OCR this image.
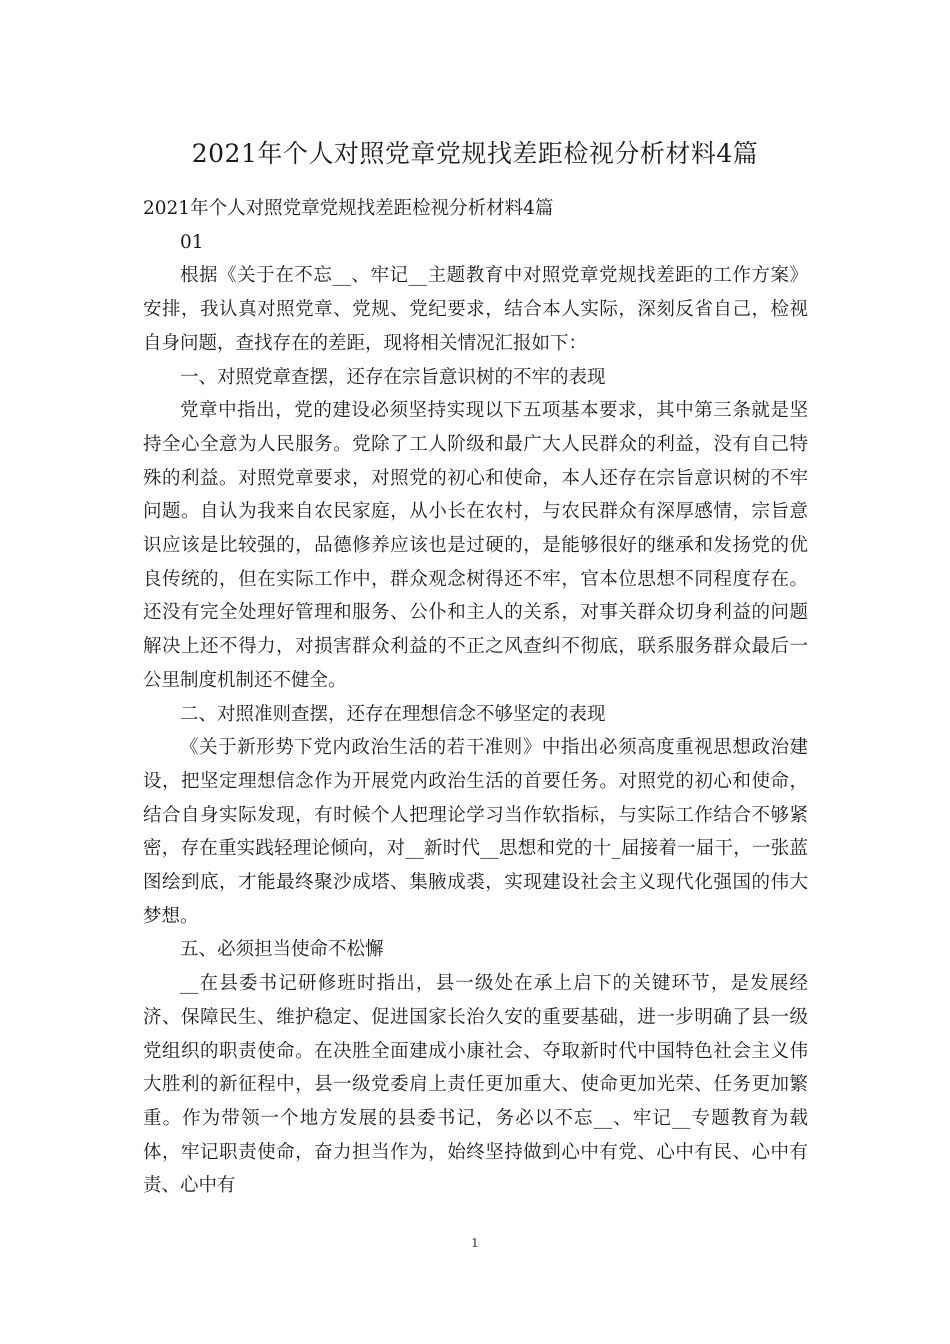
2021年个人对照党章党规找差距检视分析材料4篇

2021年个人对照党章党规找差距检视分析材料4篇

01

根据《关于在不忘__、牢记__主题教育中对照党章党规找差距的工作方案》安排，我认真对照党章、党规、党纪要求，结合本人实际，深刻反省自己，检视自身问题，查找存在的差距，现将相关情况汇报如下：

一、对照党章查摆，还存在宗旨意识树的不牢的表现

党章中指出，党的建设必须坚持实现以下五项基本要求，其中第三条就是坚持全心全意为人民服务。党除了工人阶级和最广大人民群众的利益，没有自己特殊的利益。对照党章要求，对照党的初心和使命，本人还存在宗旨意识树的不牢问题。自认为我来自农民家庭，从小长在农村，与农民群众有深厚感情，宗旨意识应该是比较强的，品德修养应该也是过硬的，是能够很好的继承和发扬党的优良传统的，但在实际工作中，群众观念树得还不牢，官本位思想不同程度存在。还没有完全处理好管理和服务、公仆和主人的关系，对事关群众切身利益的问题解决上还不得力，对损害群众利益的不正之风查纠不彻底，联系服务群众最后一公里制度机制还不健全。

二、对照准则查摆，还存在理想信念不够坚定的表现

《关于新形势下党内政治生活的若干准则》中指出必须高度重视思想政治建设，把坚定理想信念作为开展党内政治生活的首要任务。对照党的初心和使命，结合自身实际发现，有时候个人把理论学习当作软指标，与实际工作结合不够紧密，存在重实践轻理论倾向，对__新时代__思想和党的十_届接着一届干，一张蓝图绘到底，才能最终聚沙成塔、集腋成裘，实现建设社会主义现代化强国的伟大梦想。

五、必须担当使命不松懈

__在县委书记研修班时指出，县一级处在承上启下的关键环节，是发展经济、保障民生、维护稳定、促进国家长治久安的重要基础，进一步明确了县一级党组织的职责使命。在决胜全面建成小康社会、夺取新时代中国特色社会主义伟大胜利的新征程中，县一级党委肩上责任更加重大、使命更加光荣、任务更加繁重。作为带领一个地方发展的县委书记，务必以不忘__、牢记__专题教育为载体，牢记职责使命，奋力担当作为，始终坚持做到心中有党、心中有民、心中有责、心中有

1
